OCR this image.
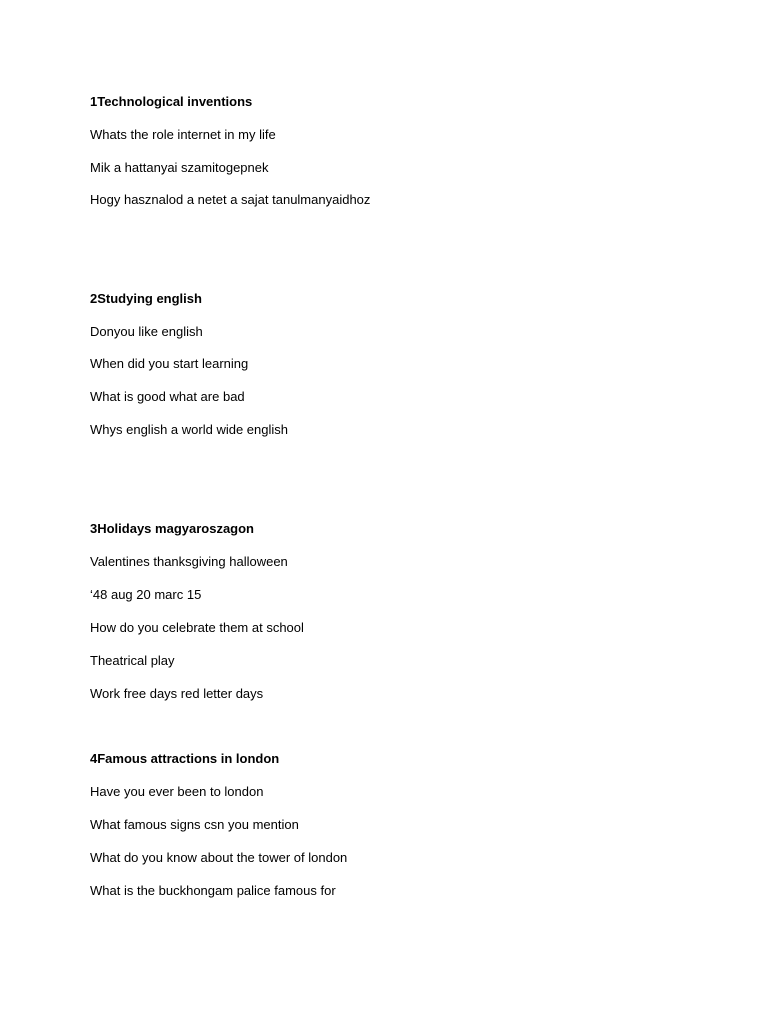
1Technological inventions
Whats the role internet in my life
Mik a hattanyai szamitogepnek
Hogy hasznalod a netet a sajat tanulmanyaidhoz
2Studying english
Donyou like english
When did you start learning
What is good what are bad
Whys english a world wide english
3Holidays magyaroszagon
Valentines thanksgiving halloween
‘48 aug 20 marc 15
How do you celebrate them at school
Theatrical play
Work free days red letter days
4Famous attractions in london
Have you ever been to london
What famous signs csn you mention
What do you know about the tower of london
What is the buckhongam palice famous for
